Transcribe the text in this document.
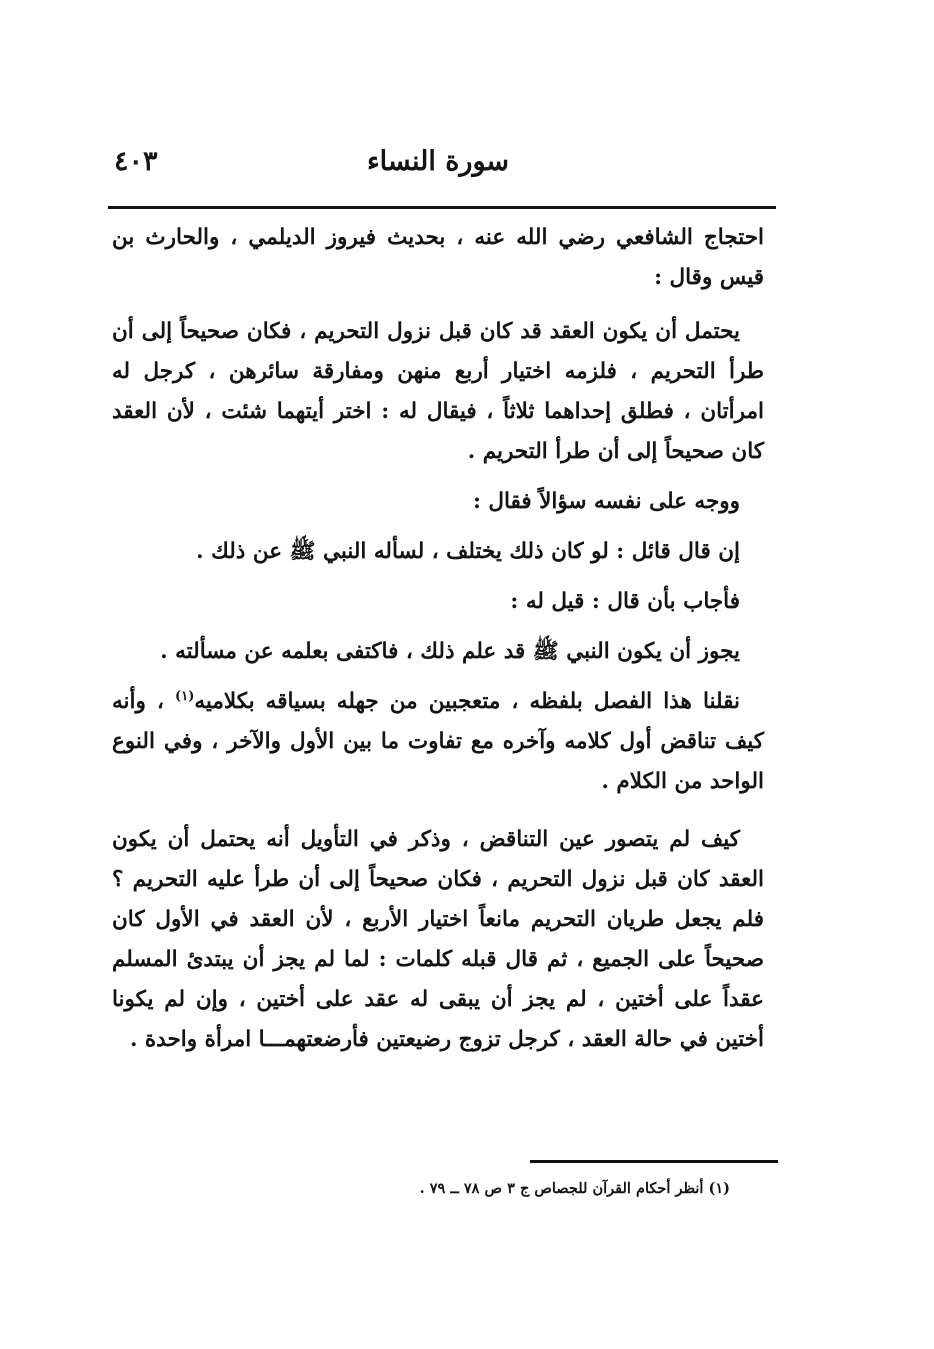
سورة النساء
٤٠٣

احتجاج الشافعي رضي الله عنه ، بحديث فيروز الديلمي ، والحارث بن قيس وقال :

يحتمل أن يكون العقد قد كان قبل نزول التحريم ، فكان صحيحاً إلى أن طرأ التحريم ، فلزمه اختيار أربع منهن ومفارقة سائرهن ، كرجل له امرأتان ، فطلق إحداهما ثلاثاً ، فيقال له : اختر أيتهما شئت ، لأن العقد كان صحيحاً إلى أن طرأ التحريم .

ووجه على نفسه سؤالاً فقال :

إن قال قائل : لو كان ذلك يختلف ، لسأله النبي ﷺ عن ذلك .

فأجاب بأن قال : قيل له :

يجوز أن يكون النبي ﷺ قد علم ذلك ، فاكتفى بعلمه عن مسألته .

نقلنا هذا الفصل بلفظه ، متعجبين من جهله بسياقه بكلاميه$^{(١)}$ ، وأنه كيف تناقض أول كلامه وآخره مع تفاوت ما بين الأول والآخر ، وفي النوع الواحد من الكلام .

كيف لم يتصور عين التناقض ، وذكر في التأويل أنه يحتمل أن يكون العقد كان قبل نزول التحريم ، فكان صحيحاً إلى أن طرأ عليه التحريم ؟ فلم يجعل طريان التحريم مانعاً اختيار الأربع ، لأن العقد في الأول كان صحيحاً على الجميع ، ثم قال قبله كلمات : لما لم يجز أن يبتدئ المسلم عقداً على أختين ، لم يجز أن يبقى له عقد على أختين ، وإن لم يكونا أختين في حالة العقد ، كرجل تزوج رضيعتين فأرضعتهمـــا امرأة واحدة .

(١) أنظر أحكام القرآن للجصاص ج ٣ ص ٧٨ ــ ٧٩ .
